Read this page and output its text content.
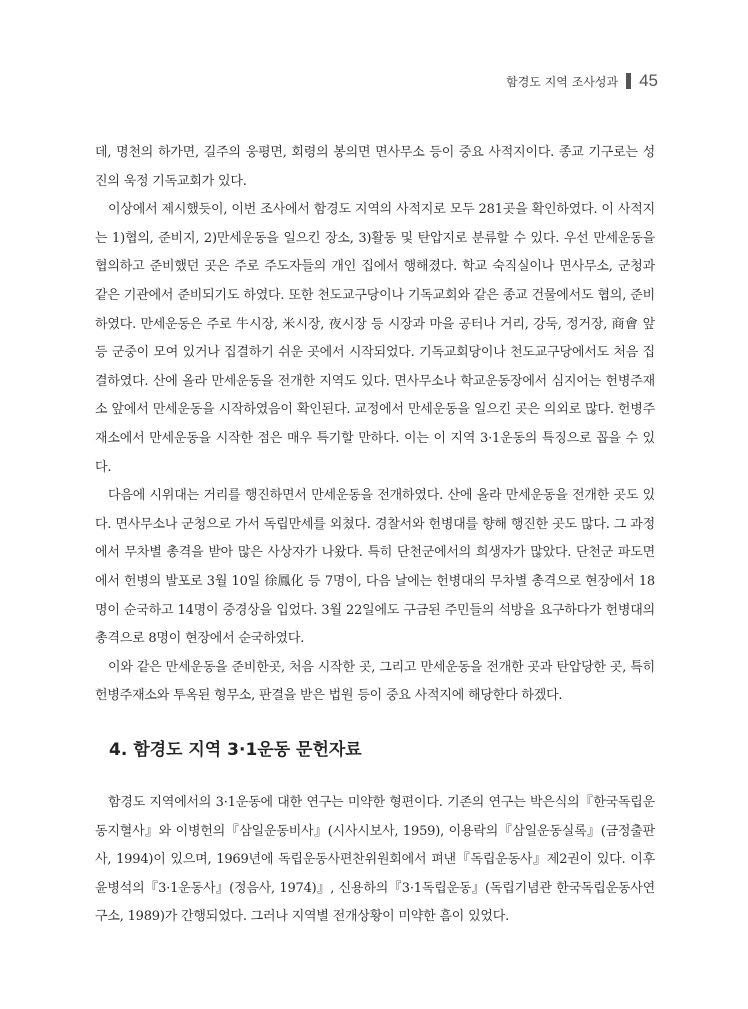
함경도 지역 조사성과 45

데, 명천의 하가면, 길주의 웅평면, 회령의 봉의면 면사무소 등이 중요 사적지이다. 종교 기구로는 성진의 욱정 기독교회가 있다.

이상에서 제시했듯이, 이번 조사에서 함경도 지역의 사적지로 모두 281곳을 확인하였다. 이 사적지는 1)협의, 준비지, 2)만세운동을 일으킨 장소, 3)활동 및 탄압지로 분류할 수 있다. 우선 만세운동을 협의하고 준비했던 곳은 주로 주도자들의 개인 집에서 행해졌다. 학교 숙직실이나 면사무소, 군청과 같은 기관에서 준비되기도 하였다. 또한 천도교구당이나 기독교회와 같은 종교 건물에서도 협의, 준비하였다. 만세운동은 주로 牛시장, 米시장, 夜시장 등 시장과 마을 공터나 거리, 강둑, 정거장, 商會 앞 등 군중이 모여 있거나 집결하기 쉬운 곳에서 시작되었다. 기독교회당이나 천도교구당에서도 처음 집결하였다. 산에 올라 만세운동을 전개한 지역도 있다. 면사무소나 학교운동장에서 심지어는 헌병주재소 앞에서 만세운동을 시작하였음이 확인된다. 교정에서 만세운동을 일으킨 곳은 의외로 많다. 헌병주재소에서 만세운동을 시작한 점은 매우 특기할 만하다. 이는 이 지역 3·1운동의 특징으로 꼽을 수 있다.

다음에 시위대는 거리를 행진하면서 만세운동을 전개하였다. 산에 올라 만세운동을 전개한 곳도 있다. 면사무소나 군청으로 가서 독립만세를 외쳤다. 경찰서와 헌병대를 향해 행진한 곳도 많다. 그 과정에서 무차별 총격을 받아 많은 사상자가 나왔다. 특히 단천군에서의 희생자가 많았다. 단천군 파도면에서 헌병의 발포로 3월 10일 徐鳳化 등 7명이, 다음 날에는 헌병대의 무차별 총격으로 현장에서 18명이 순국하고 14명이 중경상을 입었다. 3월 22일에도 구금된 주민들의 석방을 요구하다가 헌병대의 총격으로 8명이 현장에서 순국하였다.

이와 같은 만세운동을 준비한곳, 처음 시작한 곳, 그리고 만세운동을 전개한 곳과 탄압당한 곳, 특히 헌병주재소와 투옥된 형무소, 판결을 받은 법원 등이 중요 사적지에 해당한다 하겠다.

4. 함경도 지역 3·1운동 문헌자료

함경도 지역에서의 3·1운동에 대한 연구는 미약한 형편이다. 기존의 연구는 박은식의『한국독립운동지혈사』와 이병헌의『삼일운동비사』(시사시보사, 1959), 이용락의『삼일운동실록』(금정출판사, 1994)이 있으며, 1969년에 독립운동사편찬위원회에서 펴낸『독립운동사』제2권이 있다. 이후 윤병석의『3·1운동사』(정음사, 1974)』, 신용하의『3·1독립운동』(독립기념관 한국독립운동사연구소, 1989)가 간행되었다. 그러나 지역별 전개상황이 미약한 흠이 있었다.
